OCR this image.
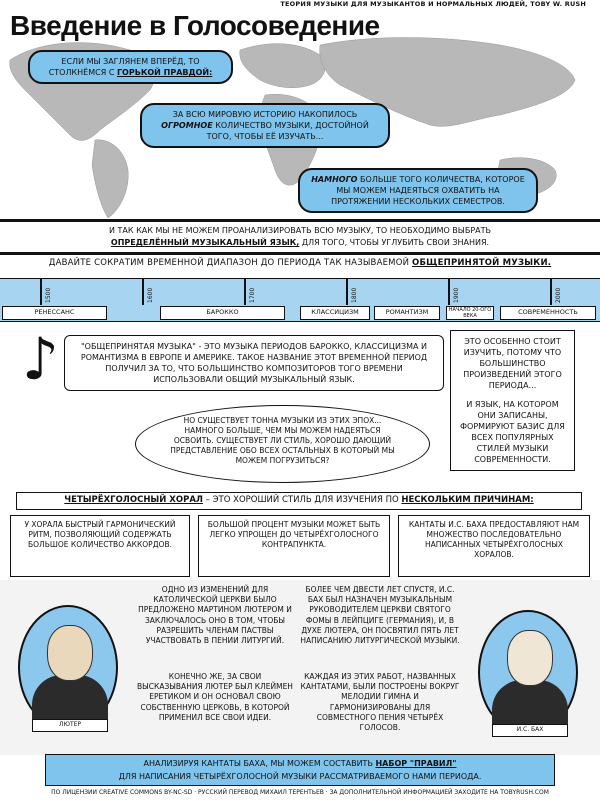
ТЕОРИЯ МУЗЫКИ ДЛЯ МУЗЫКАНТОВ И НОРМАЛЬНЫХ ЛЮДЕЙ, TOBY W. RUSH
Введение в Голосоведение
ЕСЛИ МЫ ЗАГЛЯНЕМ ВПЕРЁД, ТО СТОЛКНЁМСЯ С ГОРЬКОЙ ПРАВДОЙ:
ЗА ВСЮ МИРОВУЮ ИСТОРИЮ НАКОПИЛОСЬ ОГРОМНОЕ КОЛИЧЕСТВО МУЗЫКИ, ДОСТОЙНОЙ ТОГО, ЧТОБЫ ЕЁ ИЗУЧАТЬ...
НАМНОГО БОЛЬШЕ ТОГО КОЛИЧЕСТВА, КОТОРОЕ МЫ МОЖЕМ НАДЕЯТЬСЯ ОХВАТИТЬ НА ПРОТЯЖЕНИИ НЕСКОЛЬКИХ СЕМЕСТРОВ.
И ТАК КАК МЫ НЕ МОЖЕМ ПРОАНАЛИЗИРОВАТЬ ВСЮ МУЗЫКУ, ТО НЕОБХОДИМО ВЫБРАТЬ
ОПРЕДЕЛЁННЫЙ МУЗЫКАЛЬНЫЙ ЯЗЫК, ДЛЯ ТОГО, ЧТОБЫ УГЛУБИТЬ СВОИ ЗНАНИЯ.
ДАВАЙТЕ СОКРАТИМ ВРЕМЕННОЙ ДИАПАЗОН ДО ПЕРИОДА ТАК НАЗЫВАЕМОЙ ОБЩЕПРИНЯТОЙ МУЗЫКИ.
1500	1600	1700	1800	1900	2000
РЕНЕССАНС	БАРОККО	КЛАССИЦИЗМ	РОМАНТИЗМ	НАЧАЛО 20-ОГО ВЕКА	СОВРЕМЕННОСТЬ
♪	"ОБЩЕПРИНЯТАЯ МУЗЫКА" - ЭТО МУЗЫКА ПЕРИОДОВ БАРОККО, КЛАССИЦИЗМА И РОМАНТИЗМА В ЕВРОПЕ И АМЕРИКЕ. ТАКОЕ НАЗВАНИЕ ЭТОТ ВРЕМЕННОЙ ПЕРИОД ПОЛУЧИЛ ЗА ТО, ЧТО БОЛЬШИНСТВО КОМПОЗИТОРОВ ТОГО ВРЕМЕНИ ИСПОЛЬЗОВАЛИ ОБЩИЙ МУЗЫКАЛЬНЫЙ ЯЗЫК.
ЭТО ОСОБЕННО СТОИТ ИЗУЧИТЬ, ПОТОМУ ЧТО БОЛЬШИНСТВО ПРОИЗВЕДЕНИЙ ЭТОГО ПЕРИОДА...
И ЯЗЫК, НА КОТОРОМ ОНИ ЗАПИСАНЫ, ФОРМИРУЮТ БАЗИС ДЛЯ ВСЕХ ПОПУЛЯРНЫХ СТИЛЕЙ МУЗЫКИ СОВРЕМЕННОСТИ.
НО СУЩЕСТВУЕТ ТОННА МУЗЫКИ ИЗ ЭТИХ ЭПОХ... НАМНОГО БОЛЬШЕ, ЧЕМ МЫ МОЖЕМ НАДЕЯТЬСЯ ОСВОИТЬ. СУЩЕСТВУЕТ ЛИ СТИЛЬ, ХОРОШО ДАЮЩИЙ ПРЕДСТАВЛЕНИЕ ОБО ВСЕХ ОСТАЛЬНЫХ В КОТОРЫЙ МЫ МОЖЕМ ПОГРУЗИТЬСЯ?
ЧЕТЫРЁХГОЛОСНЫЙ ХОРАЛ – ЭТО ХОРОШИЙ СТИЛЬ ДЛЯ ИЗУЧЕНИЯ ПО НЕСКОЛЬКИМ ПРИЧИНАМ:
У ХОРАЛА БЫСТРЫЙ ГАРМОНИЧЕСКИЙ РИТМ, ПОЗВОЛЯЮЩИЙ СОДЕРЖАТЬ БОЛЬШОЕ КОЛИЧЕСТВО АККОРДОВ.
БОЛЬШОЙ ПРОЦЕНТ МУЗЫКИ МОЖЕТ БЫТЬ ЛЕГКО УПРОЩЕН ДО ЧЕТЫРЁХГОЛОСНОГО КОНТРАПУНКТА.
КАНТАТЫ И.С. БАХА ПРЕДОСТАВЛЯЮТ НАМ МНОЖЕСТВО ПОСЛЕДОВАТЕЛЬНО НАПИСАННЫХ ЧЕТЫРЁХГОЛОСНЫХ ХОРАЛОВ.
ЛЮТЕР
И.С. БАХ
ОДНО ИЗ ИЗМЕНЕНИЙ ДЛЯ КАТОЛИЧЕСКОЙ ЦЕРКВИ БЫЛО ПРЕДЛОЖЕНО МАРТИНОМ ЛЮТЕРОМ И ЗАКЛЮЧАЛОСЬ ОНО В ТОМ, ЧТОБЫ РАЗРЕШИТЬ ЧЛЕНАМ ПАСТВЫ УЧАСТВОВАТЬ В ПЕНИИ ЛИТУРГИЙ.
БОЛЕЕ ЧЕМ ДВЕСТИ ЛЕТ СПУСТЯ, И.С. БАХ БЫЛ НАЗНАЧЕН МУЗЫКАЛЬНЫМ РУКОВОДИТЕЛЕМ ЦЕРКВИ СВЯТОГО ФОМЫ В ЛЕЙПЦИГЕ (ГЕРМАНИЯ), И, В ДУХЕ ЛЮТЕРА, ОН ПОСВЯТИЛ ПЯТЬ ЛЕТ НАПИСАНИЮ ЛИТУРГИЧЕСКОЙ МУЗЫКИ.
КОНЕЧНО ЖЕ, ЗА СВОИ ВЫСКАЗЫВАНИЯ ЛЮТЕР БЫЛ КЛЕЙМЕН ЕРЕТИКОМ И ОН ОСНОВАЛ СВОЮ СОБСТВЕННУЮ ЦЕРКОВЬ, В КОТОРОЙ ПРИМЕНИЛ ВСЕ СВОИ ИДЕИ.
КАЖДАЯ ИЗ ЭТИХ РАБОТ, НАЗВАННЫХ КАНТАТАМИ, БЫЛИ ПОСТРОЕНЫ ВОКРУГ МЕЛОДИИ ГИМНА И ГАРМОНИЗИРОВАНЫ ДЛЯ СОВМЕСТНОГО ПЕНИЯ ЧЕТЫРЁХ ГОЛОСОВ.
АНАЛИЗИРУЯ КАНТАТЫ БАХА, МЫ МОЖЕМ СОСТАВИТЬ НАБОР "ПРАВИЛ"
ДЛЯ НАПИСАНИЯ ЧЕТЫРЁХГОЛОСНОЙ МУЗЫКИ РАССМАТРИВАЕМОГО НАМИ ПЕРИОДА.
ПО ЛИЦЕНЗИИ CREATIVE COMMONS BY-NC-SD · РУССКИЙ ПЕРЕВОД МИХАИЛ ТЕРЕНТЬЕВ · ЗА ДОПОЛНИТЕЛЬНОЙ ИНФОРМАЦИЕЙ ЗАХОДИТЕ НА TOBYRUSH.COM
